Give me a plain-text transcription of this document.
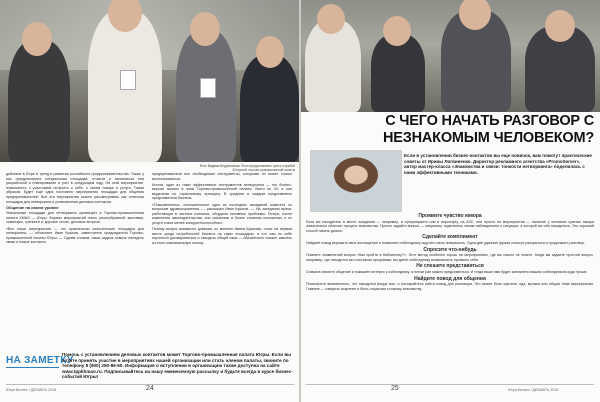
Фото Вадима Ведерникова. Фото предоставлено пресс-службой Югорской торгово-промышленной палаты

действие в Югре в тренд в развитии российского предпринимательства. Также у нас предусмотрена специальная площадка, отчасти и заниматься тем разработкой и планирование и учет в следующем году. На этой мероприятие, знакомьтесь с участников получить о себе, о своем товаре и услуге. Таким образом, будет еще одна постоянно мероприятия площадка для общения предпринимателей. Все эти мероприятия можно рассматривать как отличная площадка для нетворкинга и установления деловых контактов.

Общение на своем уровне

Уникальные площадки для нетворкинга организует и Торгово-промышленная палата ХМАО — Югры. Формат мероприятий очень разнообразный: выставки, семинары, тренинги и, круглые столы, деловые встречи.

«Все наши мероприятия — это практически классические площадки для нетворкинга, — объясняет Иван Кушнов, заместитель председателя Торгово-промышленной палаты Югры. — Одним словом, наша задача помочь наладить связи и новые контакты.

предприниматели все необходимые инструменты, которыми он может только воспользоваться.

Кстати, один из таких эффективных инструментов нетворкинга — это бизнес-миссии палаты в зоны Торгово-промышленной палаты. Всего их 39, и они выделены по отраслевому принципу. В среднем в каждом представлены представители бизнеса.

«Показательных, положительное одно из последних заседаний комитета по вопросам здравоохранения, — рассказал Иван Кушнов. — На заседании врачи, работающие в частных клиниках, обсудили основные проблемы. Теперь, после изменения законодательства, они оказались в более сложном положении, и их услуги стали менее конкурентоспособны».

Потому вопрос взаимного доверия, по мнению Ивана Кушнова, стоит на первом месте среди потребностей бизнеса на таких площадках, и кто сам по себе научиться договариваться и находить общий язык — обязательно сможет извлечь из этого максимальную пользу.

НА ЗАМЕТКУ
Помочь с установлением деловых контактов может Торгово-промышленная палата Югры. Если вы хотите принять участие в мероприятиях нашей организации или стать членом палаты, звоните по телефону 8 (800) 250-86-60. Информация о вступлении в организацию также доступна на сайте www.tppkhmao.ru. Подписывайтесь на нашу ежемесячную рассылку и будьте всегда в курсе бизнес-событий Югры!
Югра Бизнес / ДЕКАБРЬ 2018	24
С ЧЕГО НАЧАТЬ РАЗГОВОР С НЕЗНАКОМЫМ ЧЕЛОВЕКОМ?
Если в установлении бизнес-контактов вы еще новичок, вам помогут практические советы от Ирины Логвиненко. Директор рекламного агентства «PromoServer», автор мастер-класса «Знакомства и связи: тонкости нетворкинга» поделилась с нами эффективными техниками.
Проявите чувство юмора

Если вы находитесь в месте ожидания — например, в супермаркете или в аэропорту, на АЗС, или просто на мероприятии — наличие у человека чувство юмора значительно облегчит процесс знакомства. Просто задайте вопрос — например: поделитесь своим наблюдением о ситуации, в которой вы оба находитесь. Это хороший способ начать диалог.

Сделайте комплимент

Найдите повод выразить свое восхищение и позвольте собеседнику ощутить свою значимость. Одна-две удачные фразы помогут раскрыться и продолжить разговор.

Спросите что-нибудь

Помните знаменитый вопрос «Как пройти в библиотеку?». Этот метод особенно хорош на мероприятиях, где вы никого не знаете. Когда вы задаете простой вопрос, например, где находится зал или какая программа, вы даете собеседнику возможность проявить себя.

Не спешите представиться

Сначала начните общение и покажите интерес к собеседнику, а потом уже можно представиться. И тогда ваше имя будет запомнено вашим собеседником куда лучше.

Найдите повод для общения

Посмотрите внимательно, что находится вокруг вас, и постарайтесь найти повод для разговора. Это может быть картина, еда, музыка или общая тема мероприятия. Главное — говорить искренне и быть открытым к новому знакомству.

25	Югра Бизнес / ДЕКАБРЬ 2018
